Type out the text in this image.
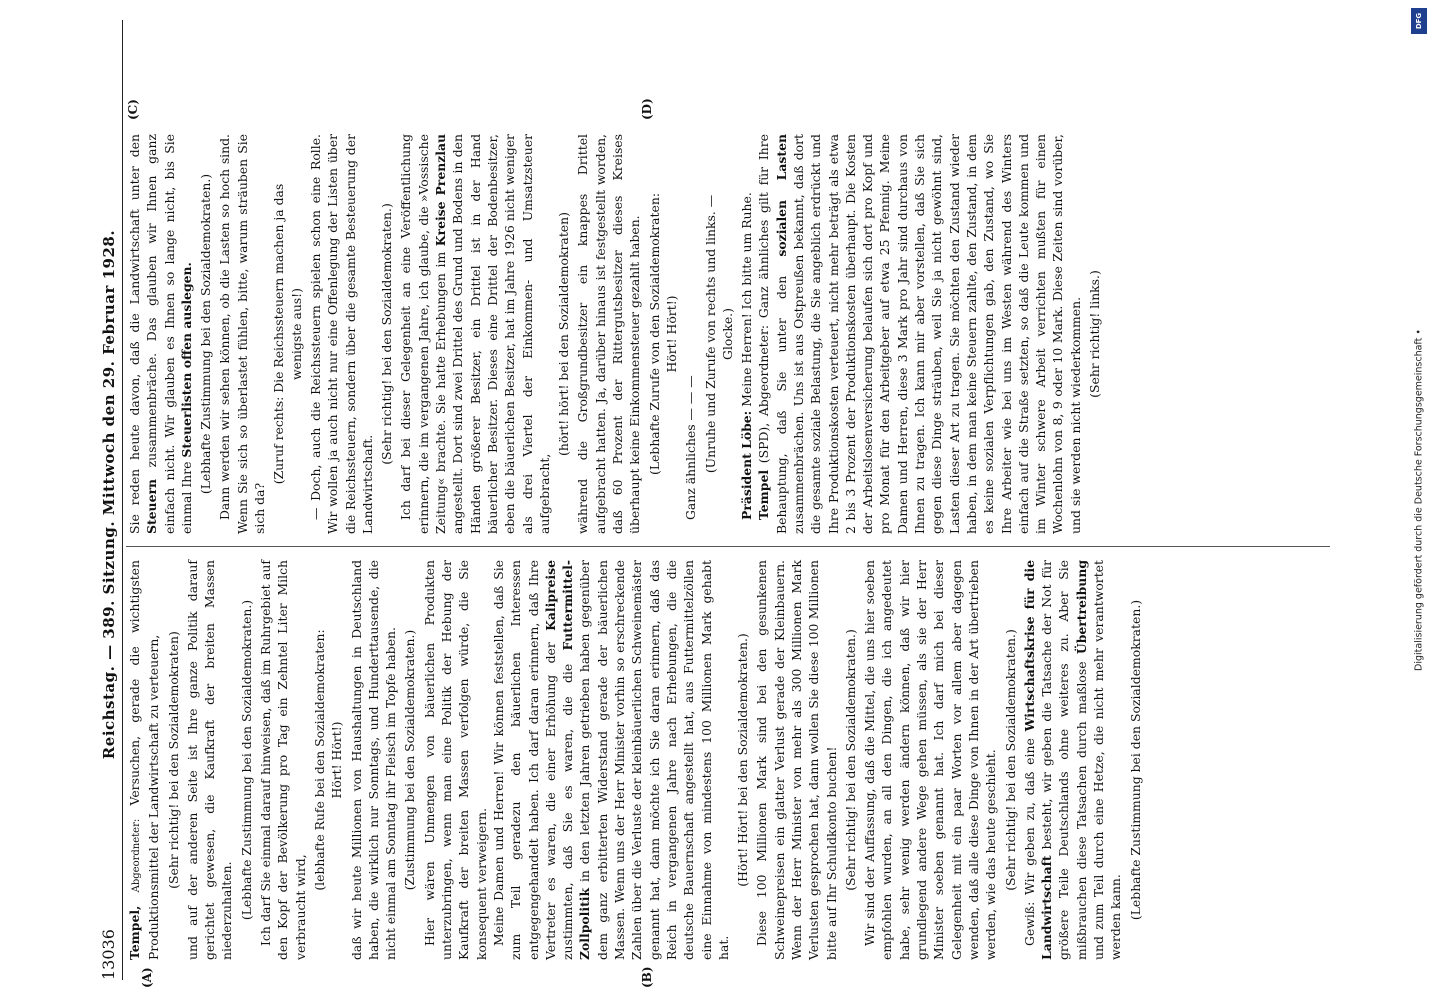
13036
Reichstag. — 389. Sitzung. Mittwoch den 29. Februar 1928.
(A)	(B)
(C)	(D)

Tempel, Abgeordneter: Versuchen, gerade die wichtigsten Produktionsmittel der Landwirtschaft zu verteuern, (Sehr richtig! bei den Sozialdemokraten) und auf der anderen Seite ist Ihre ganze Politik darauf gerichtet gewesen, die Kaufkraft der breiten Massen niederzuhalten. (Lebhafte Zustimmung bei den Sozialdemokraten.) Ich darf Sie einmal darauf hinweisen, daß im Ruhrgebiet auf den Kopf der Bevölkerung pro Tag ein Zehntel Liter Milch verbraucht wird,

(lebhafte Rufe bei den Sozialdemokraten: Hört! Hört!) daß wir heute Millionen von Haushaltungen in Deutschland haben, die wirklich nur Sonntags, und Hunderttausende, die nicht einmal am Sonntag ihr Fleisch im Topfe haben. (Zustimmung bei den Sozialdemokraten.) Hier wären Unmengen von bäuerlichen Produkten unterzubringen, wenn man eine Politik der Hebung der Kaufkraft der breiten Massen verfolgen würde, die Sie konsequent verweigern. Meine Damen und Herren! Wir können feststellen, daß Sie zum Teil geradezu den bäuerlichen Interessen entgegengehandelt haben. Ich darf daran erinnern, daß Ihre Vertreter es waren, die einer Erhöhung der Kalipreise zustimmten, daß Sie es waren, die die Futtermittel-Zollpolitik in den letzten Jahren getrieben haben gegenüber dem ganz erbitterten Widerstand gerade der bäuerlichen Massen. Wenn uns der Herr Minister vorhin so erschreckende Zahlen über die Verluste der kleinbäuerlichen Schweinemäster genannt hat, dann möchte ich Sie daran erinnern, daß das Reich in vergangenen Jahre nach Erhebungen, die die deutsche Bauernschaft angestellt hat, aus Futtermittelzöllen eine Einnahme von mindestens 100 Millionen Mark gehabt hat.

(Hört! Hört! bei den Sozialdemokraten.) Diese 100 Millionen Mark sind bei den gesunkenen Schweinepreisen ein glatter Verlust gerade der Kleinbauern. Wenn der Herr Minister von mehr als 300 Millionen Mark Verlusten gesprochen hat, dann wollen Sie diese 100 Millionen bitte auf Ihr Schuldkonto buchen! (Sehr richtig! bei den Sozialdemokraten.) Wir sind der Auffassung, daß die Mittel, die uns hier soeben empfohlen wurden, an all den Dingen, die ich angedeutet habe, sehr wenig werden ändern können, daß wir hier grundlegend andere Wege gehen müssen, als sie der Herr Minister soeben genannt hat. Ich darf mich bei dieser Gelegenheit mit ein paar Worten vor allem aber dagegen wenden, daß alle diese Dinge von Ihnen in der Art übertrieben werden, wie das heute geschieht. (Sehr richtig! bei den Sozialdemokraten.) Gewiß: Wir geben zu, daß eine Wirtschaftskrise für die Landwirtschaft besteht, wir geben die Tatsache der Not für größere Teile Deutschlands ohne weiteres zu. Aber Sie mißbrauchen diese Tatsachen durch maßlose Übertreibung und zum Teil durch eine Hetze, die nicht mehr verantwortet werden kann. (Lebhafte Zustimmung bei den Sozialdemokraten.)

Sie reden heute davon, daß die Landwirtschaft unter den Steuern zusammenbräche. Das glauben wir Ihnen ganz einfach nicht. Wir glauben es Ihnen so lange nicht, bis Sie einmal Ihre Steuerlisten offen auslegen. (Lebhafte Zustimmung bei den Sozialdemokraten.) Dann werden wir sehen können, ob die Lasten so hoch sind. Wenn Sie sich so überlastet fühlen, bitte, warum sträuben Sie sich da?

(Zuruf rechts: Die Reichssteuern machen ja das wenigste aus!) — Doch, auch die Reichssteuern spielen schon eine Rolle. Wir wollen ja auch nicht nur eine Offenlegung der Listen über die Reichssteuern, sondern über die gesamte Besteuerung der Landwirtschaft.

(Sehr richtig! bei den Sozialdemokraten.) Ich darf bei dieser Gelegenheit an eine Veröffentlichung erinnern, die im vergangenen Jahre, ich glaube, die »Vossische Zeitung« brachte. Sie hatte Erhebungen im Kreise Prenzlau angestellt. Dort sind zwei Drittel des Grund und Bodens in den Händen größerer Besitzer, ein Drittel ist in der Hand bäuerlicher Besitzer. Dieses eine Drittel der Bodenbesitzer, eben die bäuerlichen Besitzer, hat im Jahre 1926 nicht weniger als drei Viertel der Einkommen- und Umsatzsteuer aufgebracht,

(hört! hört! bei den Sozialdemokraten) während die Großgrundbesitzer ein knappes Drittel aufgebracht hatten. Ja, darüber hinaus ist festgestellt worden, daß 60 Prozent der Rittergutsbesitzer dieses Kreises überhaupt keine Einkommensteuer gezahlt haben. (Lebhafte Zurufe von den Sozialdemokraten: Hört! Hört!)

Ganz ähnliches — — — (Unruhe und Zurufe von rechts und links. — Glocke.)

Präsident Löbe: Meine Herren! Ich bitte um Ruhe.

Tempel (SPD), Abgeordneter: Ganz ähnliches gilt für Ihre Behauptung, daß Sie unter den sozialen Lasten zusammenbrächen. Uns ist aus Ostpreußen bekannt, daß dort die gesamte soziale Belastung, die Sie angeblich erdrückt und Ihre Produktionskosten verteuert, nicht mehr beträgt als etwa 2 bis 3 Prozent der Produktionskosten überhaupt. Die Kosten der Arbeitslosenversicherung belaufen sich dort pro Kopf und pro Monat für den Arbeitgeber auf etwa 25 Pfennig. Meine Damen und Herren, diese 3 Mark pro Jahr sind durchaus von Ihnen zu tragen. Ich kann mir aber vorstellen, daß Sie sich gegen diese Dinge sträuben, weil Sie ja nicht gewöhnt sind, Lasten dieser Art zu tragen. Sie möchten den Zustand wieder haben, in dem man keine Steuern zahlte, den Zustand, in dem es keine sozialen Verpflichtungen gab, den Zustand, wo Sie Ihre Arbeiter wie bei uns im Westen während des Winters einfach auf die Straße setzten, so daß die Leute kommen und im Winter schwere Arbeit verrichten mußten für einen Wochenlohn von 8, 9 oder 10 Mark. Diese Zeiten sind vorüber, und sie werden nicht wiederkommen. (Sehr richtig! links.)	Digitalisierung gefördert durch die Deutsche Forschungsgemeinschaft •
DFG
